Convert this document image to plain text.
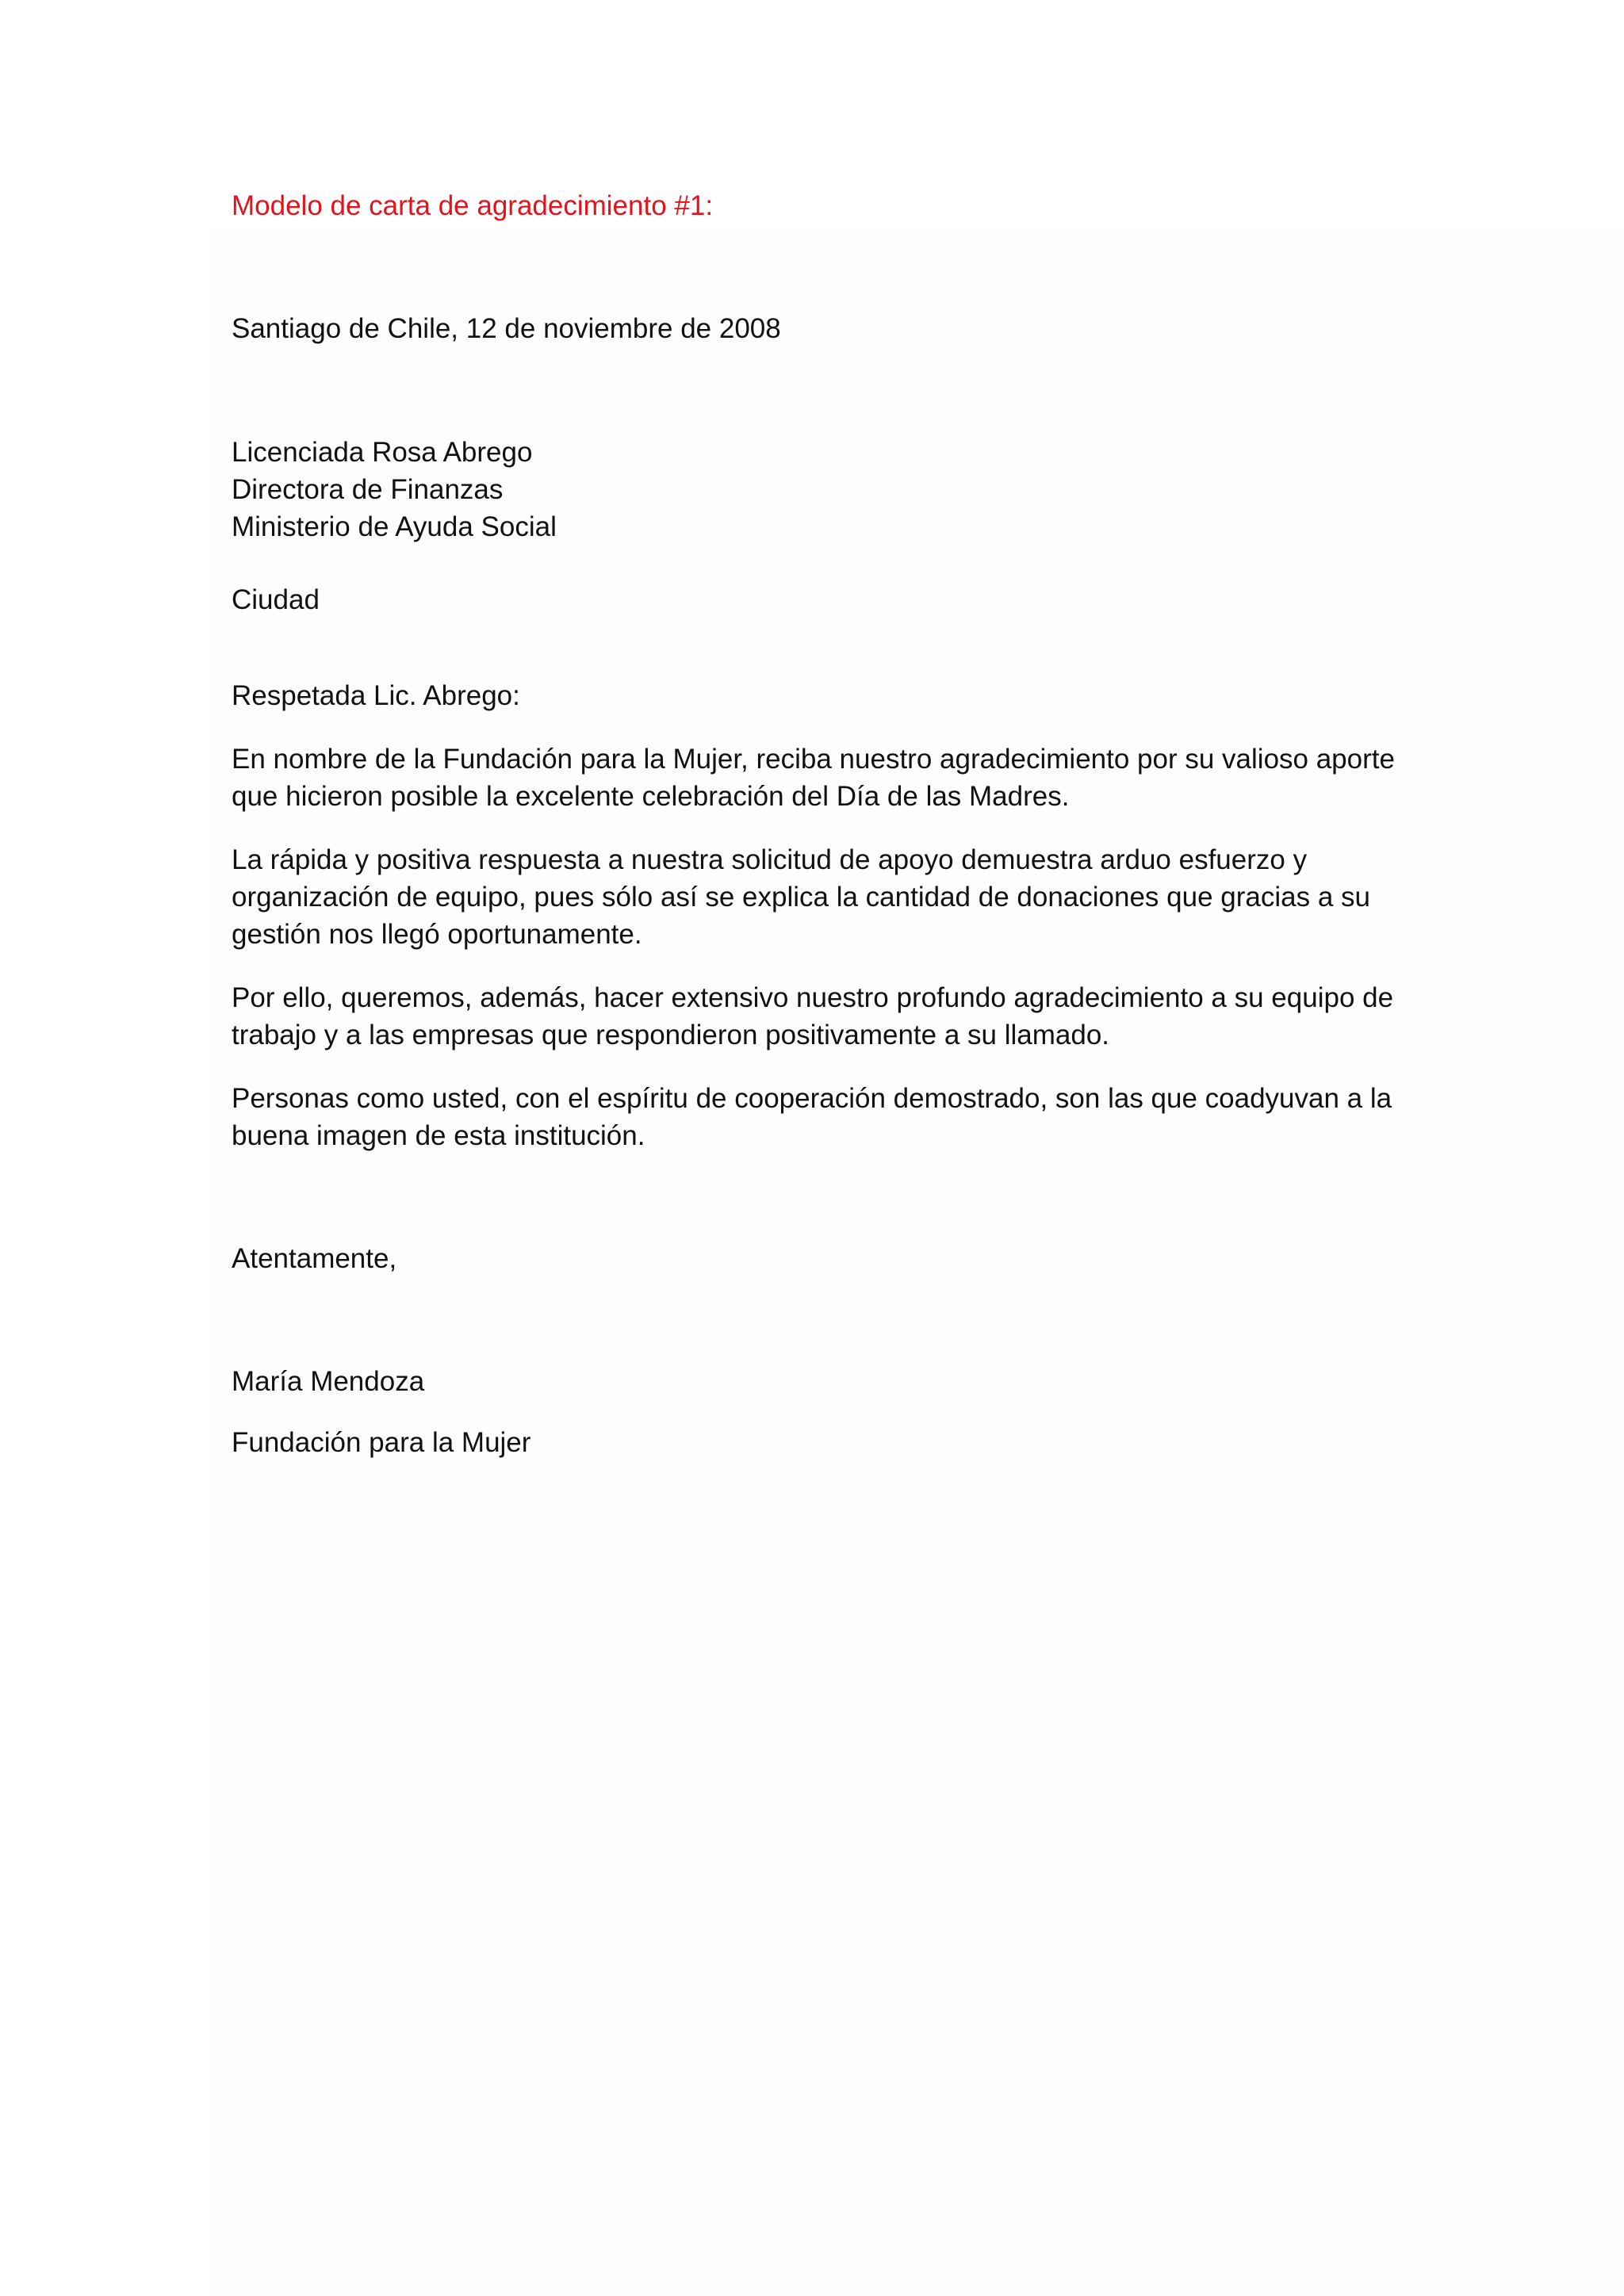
Modelo de carta de agradecimiento #1:

Santiago de Chile, 12 de noviembre de 2008

Licenciada Rosa Abrego

Directora de Finanzas

Ministerio de Ayuda Social

Ciudad

Respetada Lic. Abrego:

En nombre de la Fundación para la Mujer, reciba nuestro agradecimiento por su valioso aporte que hicieron posible la excelente celebración del Día de las Madres.

La rápida y positiva respuesta a nuestra solicitud de apoyo demuestra arduo esfuerzo y organización de equipo, pues sólo así se explica la cantidad de donaciones que gracias a su gestión nos llegó oportunamente.

Por ello, queremos, además, hacer extensivo nuestro profundo agradecimiento a su equipo de trabajo y a las empresas que respondieron positivamente a su llamado.

Personas como usted, con el espíritu de cooperación demostrado, son las que coadyuvan a la buena imagen de esta institución.

Atentamente,

María Mendoza

Fundación para la Mujer
